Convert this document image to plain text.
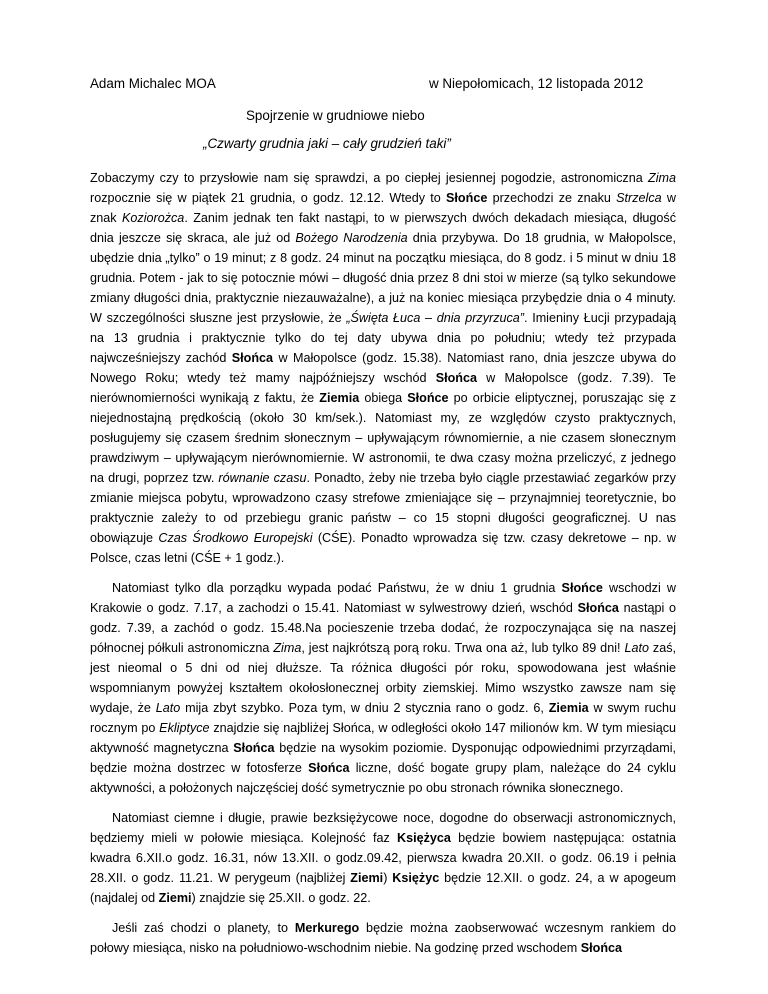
Adam Michalec MOA	w Niepołomicach, 12 listopada 2012
Spojrzenie w grudniowe niebo
„Czwarty grudnia jaki – cały grudzień taki”

Zobaczymy czy to przysłowie nam się sprawdzi, a po ciepłej jesiennej pogodzie, astronomiczna Zima rozpocznie się w piątek 21 grudnia, o godz. 12.12. Wtedy to Słońce przechodzi ze znaku Strzelca w znak Koziorożca. Zanim jednak ten fakt nastąpi, to w pierwszych dwóch dekadach miesiąca, długość dnia jeszcze się skraca, ale już od Bożego Narodzenia dnia przybywa. Do 18 grudnia, w Małopolsce, ubędzie dnia „tylko” o 19 minut; z 8 godz. 24 minut na początku miesiąca, do 8 godz. i 5 minut w dniu 18 grudnia. Potem - jak to się potocznie mówi – długość dnia przez 8 dni stoi w mierze (są tylko sekundowe zmiany długości dnia, praktycznie niezauważalne), a już na koniec miesiąca przybędzie dnia o 4 minuty. W szczególności słuszne jest przysłowie, że „Święta Łuca – dnia przyrzuca”. Imieniny Łucji przypadają na 13 grudnia i praktycznie tylko do tej daty ubywa dnia po południu; wtedy też przypada najwcześniejszy zachód Słońca w Małopolsce (godz. 15.38). Natomiast rano, dnia jeszcze ubywa do Nowego Roku; wtedy też mamy najpóźniejszy wschód Słońca w Małopolsce (godz. 7.39). Te nierównomierności wynikają z faktu, że Ziemia obiega Słońce po orbicie eliptycznej, poruszając się z niejednostajną prędkością (około 30 km/sek.). Natomiast my, ze względów czysto praktycznych, posługujemy się czasem średnim słonecznym – upływającym równomiernie, a nie czasem słonecznym prawdziwym – upływającym nierównomiernie. W astronomii, te dwa czasy można przeliczyć, z jednego na drugi, poprzez tzw. równanie czasu. Ponadto, żeby nie trzeba było ciągle przestawiać zegarków przy zmianie miejsca pobytu, wprowadzono czasy strefowe zmieniające się – przynajmniej teoretycznie, bo praktycznie zależy to od przebiegu granic państw – co 15 stopni długości geograficznej. U nas obowiązuje Czas Środkowo Europejski (CŚE). Ponadto wprowadza się tzw. czasy dekretowe – np. w Polsce, czas letni (CŚE + 1 godz.).

Natomiast tylko dla porządku wypada podać Państwu, że w dniu 1 grudnia Słońce wschodzi w Krakowie o godz. 7.17, a zachodzi o 15.41. Natomiast w sylwestrowy dzień, wschód Słońca nastąpi o godz. 7.39, a zachód o godz. 15.48.Na pocieszenie trzeba dodać, że rozpoczynająca się na naszej północnej półkuli astronomiczna Zima, jest najkrótszą porą roku. Trwa ona aż, lub tylko 89 dni! Lato zaś, jest nieomal o 5 dni od niej dłuższe. Ta różnica długości pór roku, spowodowana jest właśnie wspomnianym powyżej kształtem okołosłonecznej orbity ziemskiej. Mimo wszystko zawsze nam się wydaje, że Lato mija zbyt szybko. Poza tym, w dniu 2 stycznia rano o godz. 6, Ziemia w swym ruchu rocznym po Ekliptyce znajdzie się najbliżej Słońca, w odległości około 147 milionów km. W tym miesiącu aktywność magnetyczna Słońca będzie na wysokim poziomie. Dysponując odpowiednimi przyrządami, będzie można dostrzec w fotosferze Słońca liczne, dość bogate grupy plam, należące do 24 cyklu aktywności, a położonych najczęściej dość symetrycznie po obu stronach równika słonecznego.

Natomiast ciemne i długie, prawie bezksiężycowe noce, dogodne do obserwacji astronomicznych, będziemy mieli w połowie miesiąca. Kolejność faz Księżyca będzie bowiem następująca: ostatnia kwadra 6.XII.o godz. 16.31, nów 13.XII. o godz.09.42, pierwsza kwadra 20.XII. o godz. 06.19 i pełnia 28.XII. o godz. 11.21. W perygeum (najbliżej Ziemi) Księżyc będzie 12.XII. o godz. 24, a w apogeum (najdalej od Ziemi) znajdzie się 25.XII. o godz. 22.

Jeśli zaś chodzi o planety, to Merkurego będzie można zaobserwować wczesnym rankiem do połowy miesiąca, nisko na południowo-wschodnim niebie. Na godzinę przed wschodem Słońca
